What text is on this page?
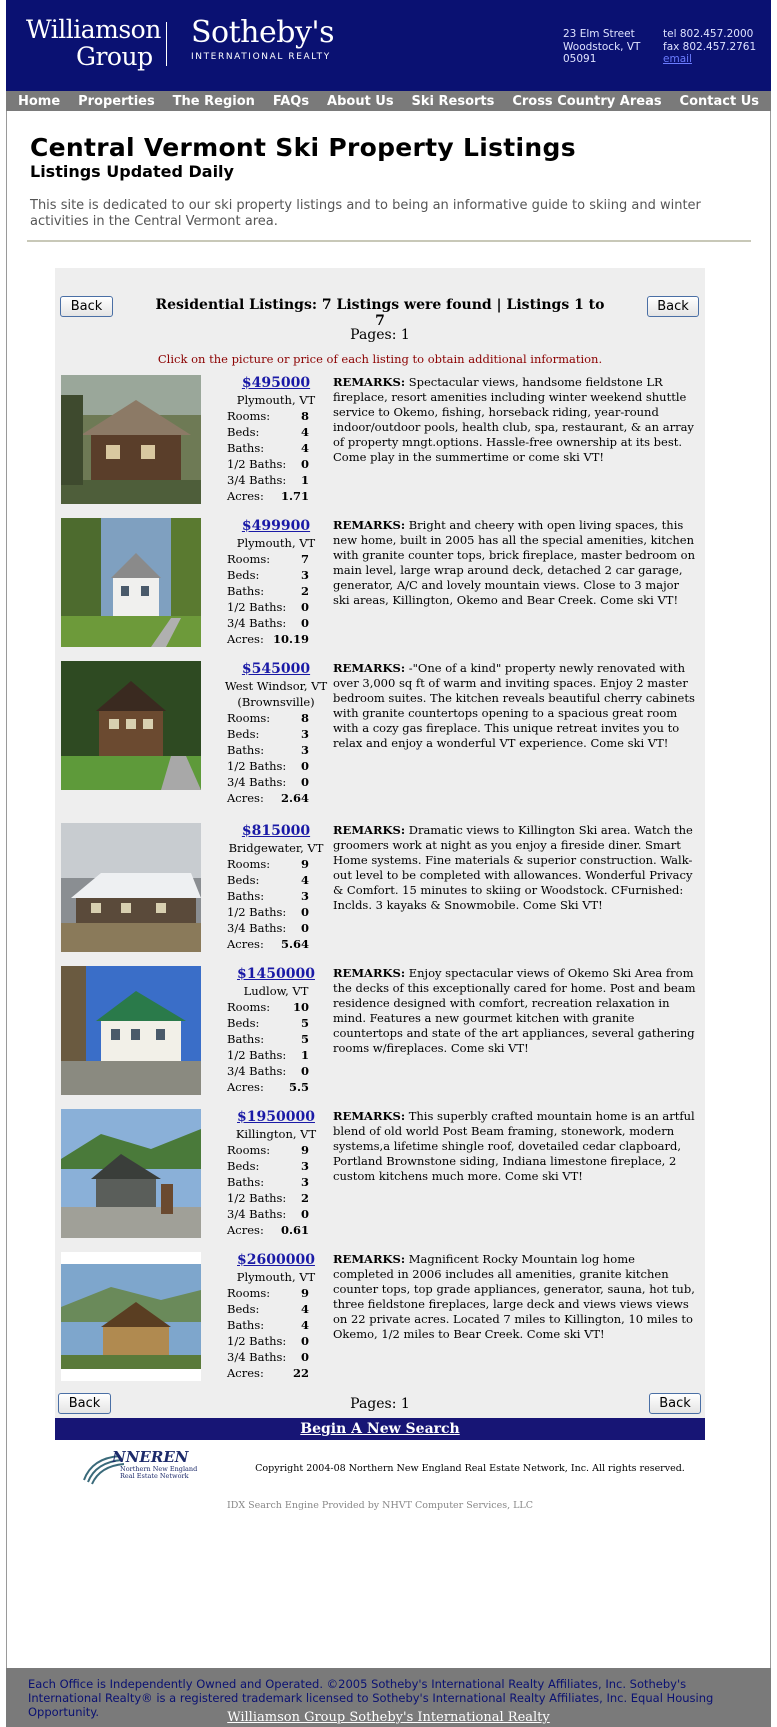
Williamson
Group
Sotheby's
INTERNATIONAL REALTY
23 Elm Street
Woodstock, VT
05091
tel 802.457.2000
fax 802.457.2761
email
Home Properties The Region FAQs About Us Ski Resorts Cross Country Areas Contact Us
Central Vermont Ski Property Listings
Listings Updated Daily
This site is dedicated to our ski property listings and to being an informative guide to skiing and winter activities in the Central Vermont area.
Back	Back
Residential Listings: 7 Listings were found | Listings 1 to 7
Pages: 1
Click on the picture or price of each listing to obtain additional information.
$495000
Plymouth, VT
Rooms:	8
Beds:	4
Baths:	4
1/2 Baths: 0
3/4 Baths: 1
Acres: 1.71
REMARKS: Spectacular views, handsome fieldstone LR fireplace, resort amenities including winter weekend shuttle service to Okemo, fishing, horseback riding, year-round indoor/outdoor pools, health club, spa, restaurant, & an array of property mngt.options. Hassle-free ownership at its best. Come play in the summertime or come ski VT!
$499900
Plymouth, VT
Rooms:	7
Beds:	3
Baths:	2
1/2 Baths: 0
3/4 Baths: 0
Acres: 10.19
REMARKS: Bright and cheery with open living spaces, this new home, built in 2005 has all the special amenities, kitchen with granite counter tops, brick fireplace, master bedroom on main level, large wrap around deck, detached 2 car garage, generator, A/C and lovely mountain views. Close to 3 major ski areas, Killington, Okemo and Bear Creek. Come ski VT!
$545000
West Windsor, VT
(Brownsville)
Rooms:	8
Beds:	3
Baths:	3
1/2 Baths: 0
3/4 Baths: 0
Acres: 2.64
REMARKS: -"One of a kind" property newly renovated with over 3,000 sq ft of warm and inviting spaces. Enjoy 2 master bedroom suites. The kitchen reveals beautiful cherry cabinets with granite countertops opening to a spacious great room with a cozy gas fireplace. This unique retreat invites you to relax and enjoy a wonderful VT experience. Come ski VT!
$815000
Bridgewater, VT
Rooms:	9
Beds:	4
Baths:	3
1/2 Baths: 0
3/4 Baths: 0
Acres: 5.64
REMARKS: Dramatic views to Killington Ski area. Watch the groomers work at night as you enjoy a fireside diner. Smart Home systems. Fine materials & superior construction. Walk-out level to be completed with allowances. Wonderful Privacy & Comfort. 15 minutes to skiing or Woodstock. CFurnished: Inclds. 3 kayaks & Snowmobile. Come Ski VT!
$1450000
Ludlow, VT
Rooms: 10
Beds:	5
Baths:	5
1/2 Baths: 1
3/4 Baths: 0
Acres: 5.5
REMARKS: Enjoy spectacular views of Okemo Ski Area from the decks of this exceptionally cared for home. Post and beam residence designed with comfort, recreation relaxation in mind. Features a new gourmet kitchen with granite countertops and state of the art appliances, several gathering rooms w/fireplaces. Come ski VT!
$1950000
Killington, VT
Rooms:	9
Beds:	3
Baths:	3
1/2 Baths: 2
3/4 Baths: 0
Acres: 0.61
REMARKS: This superbly crafted mountain home is an artful blend of old world Post Beam framing, stonework, modern systems,a lifetime shingle roof, dovetailed cedar clapboard, Portland Brownstone siding, Indiana limestone fireplace, 2 custom kitchens much more. Come ski VT!
$2600000
Plymouth, VT
Rooms:	9
Beds:	4
Baths:	4
1/2 Baths: 0
3/4 Baths: 0
Acres:	22
REMARKS: Magnificent Rocky Mountain log home completed in 2006 includes all amenities, granite kitchen counter tops, top grade appliances, generator, sauna, hot tub, three fieldstone fireplaces, large deck and views views views on 22 private acres. Located 7 miles to Killington, 10 miles to Okemo, 1/2 miles to Bear Creek. Come ski VT!
Back	Back
Pages: 1
Begin A New Search
NNEREN
Northern New England
Real Estate Network
Copyright 2004-08 Northern New England Real Estate Network, Inc. All rights reserved.
IDX Search Engine Provided by NHVT Computer Services, LLC
Each Office is Independently Owned and Operated. ©2005 Sotheby's International Realty Affiliates, Inc. Sotheby's International Realty® is a registered trademark licensed to Sotheby's International Realty Affiliates, Inc. Equal Housing Opportunity.	Williamson Group Sotheby's International Realty
